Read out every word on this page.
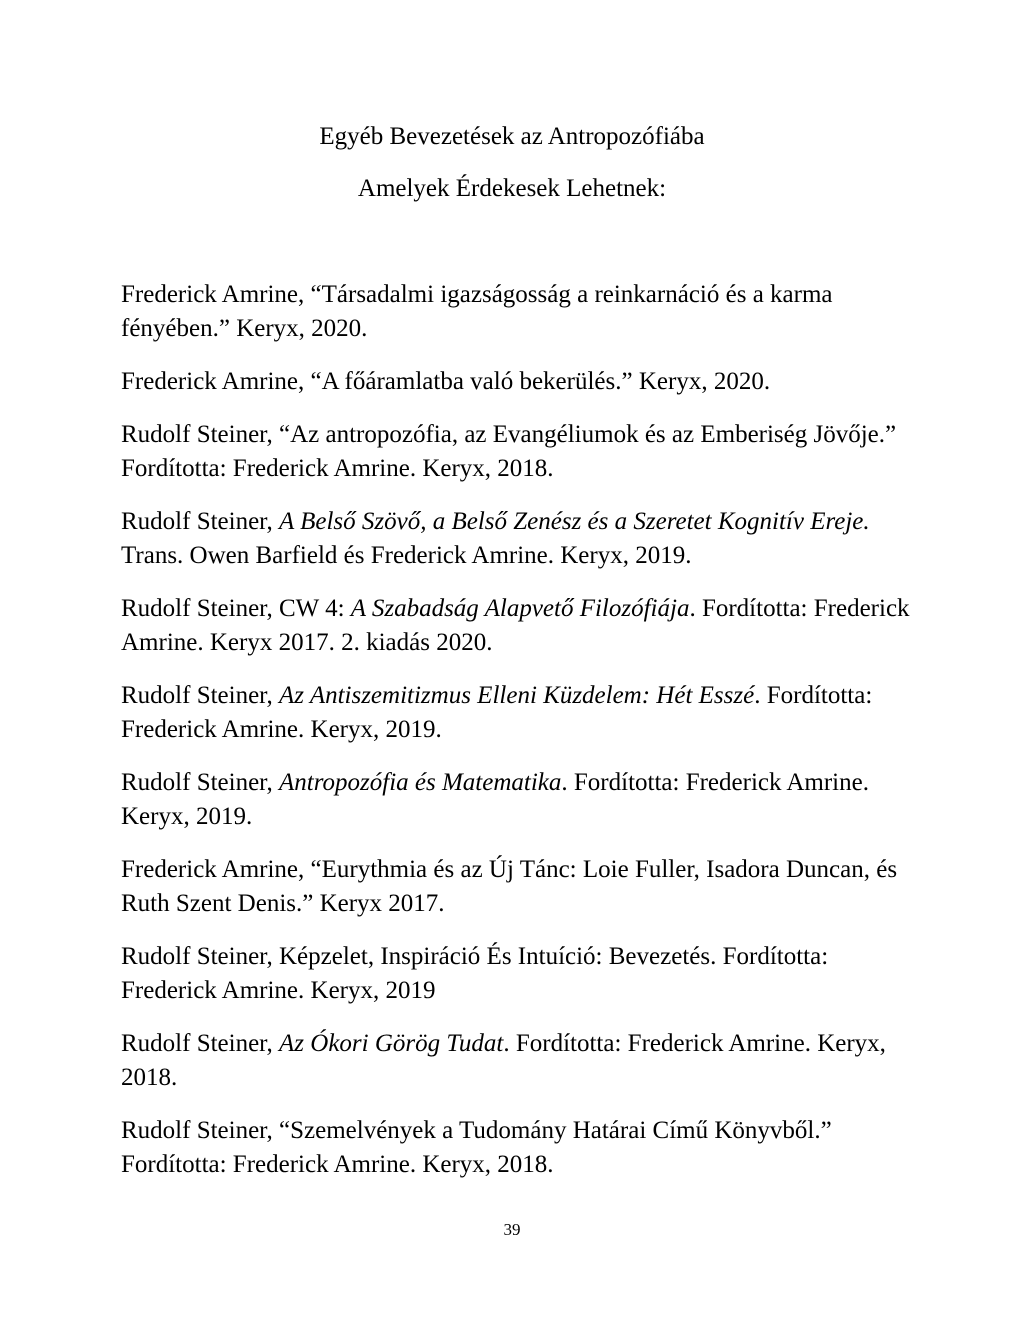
Egyéb Bevezetések az Antropozófiába
Amelyek Érdekesek Lehetnek:
Frederick Amrine, “Társadalmi igazságosság a reinkarnáció és a karma fényében.” Keryx, 2020.
Frederick Amrine, “A főáramlatba való bekerülés.” Keryx, 2020.
Rudolf Steiner, “Az antropozófia, az Evangéliumok és az Emberiség Jövője.” Fordította: Frederick Amrine. Keryx, 2018.
Rudolf Steiner, A Belső Szövő, a Belső Zenész és a Szeretet Kognitív Ereje. Trans. Owen Barfield és Frederick Amrine. Keryx, 2019.
Rudolf Steiner, CW 4: A Szabadság Alapvető Filozófiája. Fordította: Frederick Amrine. Keryx 2017. 2. kiadás 2020.
Rudolf Steiner, Az Antiszemitizmus Elleni Küzdelem: Hét Esszé. Fordította: Frederick Amrine. Keryx, 2019.
Rudolf Steiner, Antropozófia és Matematika. Fordította: Frederick Amrine. Keryx, 2019.
Frederick Amrine, “Eurythmia és az Új Tánc: Loie Fuller, Isadora Duncan, és Ruth Szent Denis.” Keryx 2017.
Rudolf Steiner, Képzelet, Inspiráció És Intuíció: Bevezetés. Fordította: Frederick Amrine. Keryx, 2019
Rudolf Steiner, Az Ókori Görög Tudat. Fordította: Frederick Amrine. Keryx, 2018.
Rudolf Steiner, “Szemelvények a Tudomány Határai Című Könyvből.” Fordította: Frederick Amrine. Keryx, 2018.
39
